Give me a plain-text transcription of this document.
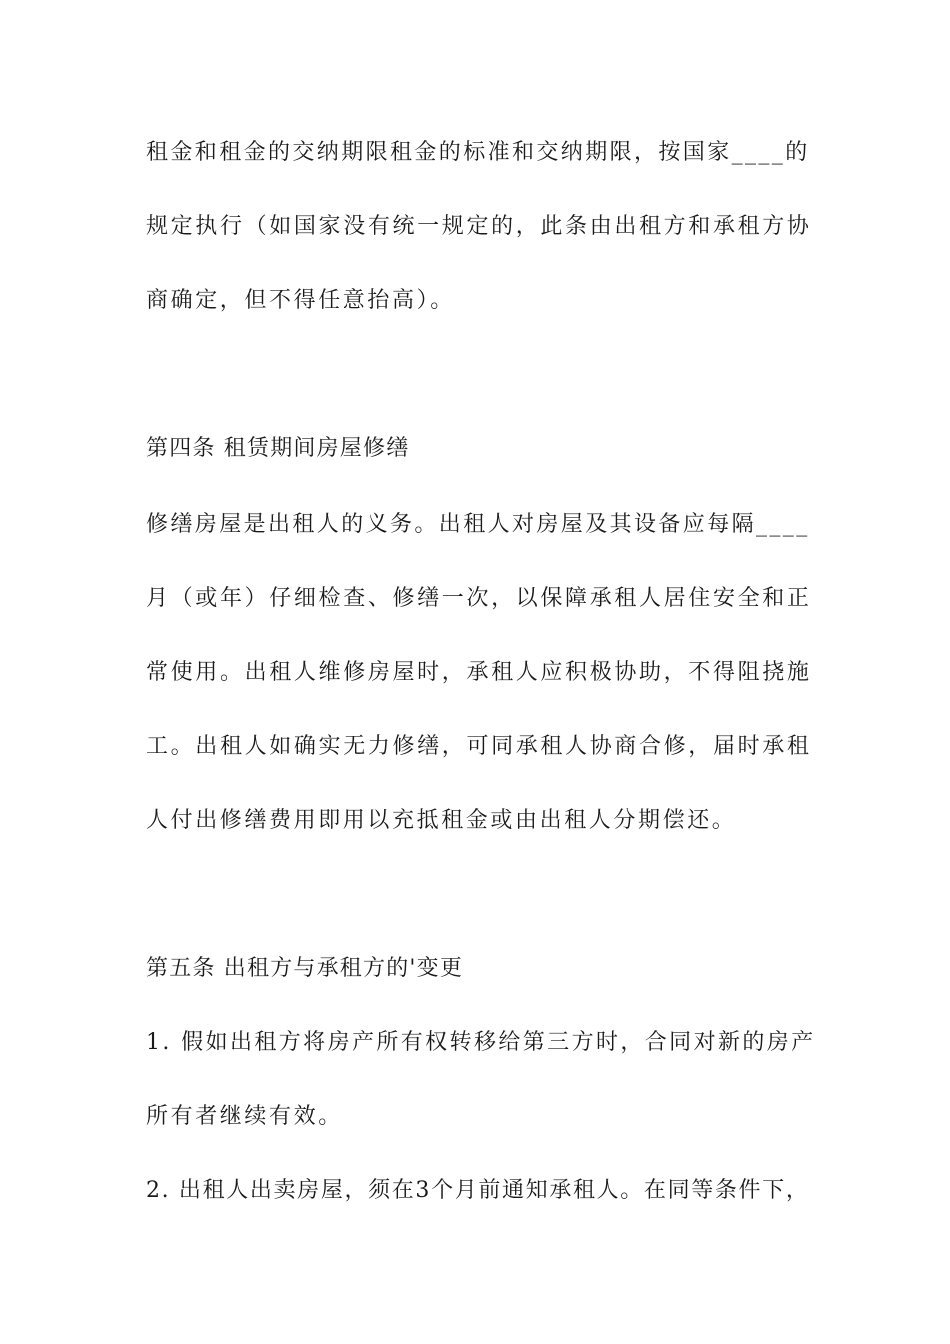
租金和租金的交纳期限租金的标准和交纳期限，按国家____的
规定执行（如国家没有统一规定的，此条由出租方和承租方协
商确定，但不得任意抬高）。
第四条 租赁期间房屋修缮
修缮房屋是出租人的义务。出租人对房屋及其设备应每隔____
月（或年）仔细检查、修缮一次，以保障承租人居住安全和正
常使用。出租人维修房屋时，承租人应积极协助，不得阻挠施
工。出租人如确实无力修缮，可同承租人协商合修，届时承租
人付出修缮费用即用以充抵租金或由出租人分期偿还。
第五条 出租方与承租方的'变更
1. 假如出租方将房产所有权转移给第三方时，合同对新的房产
所有者继续有效。
2. 出租人出卖房屋，须在3个月前通知承租人。在同等条件下，
